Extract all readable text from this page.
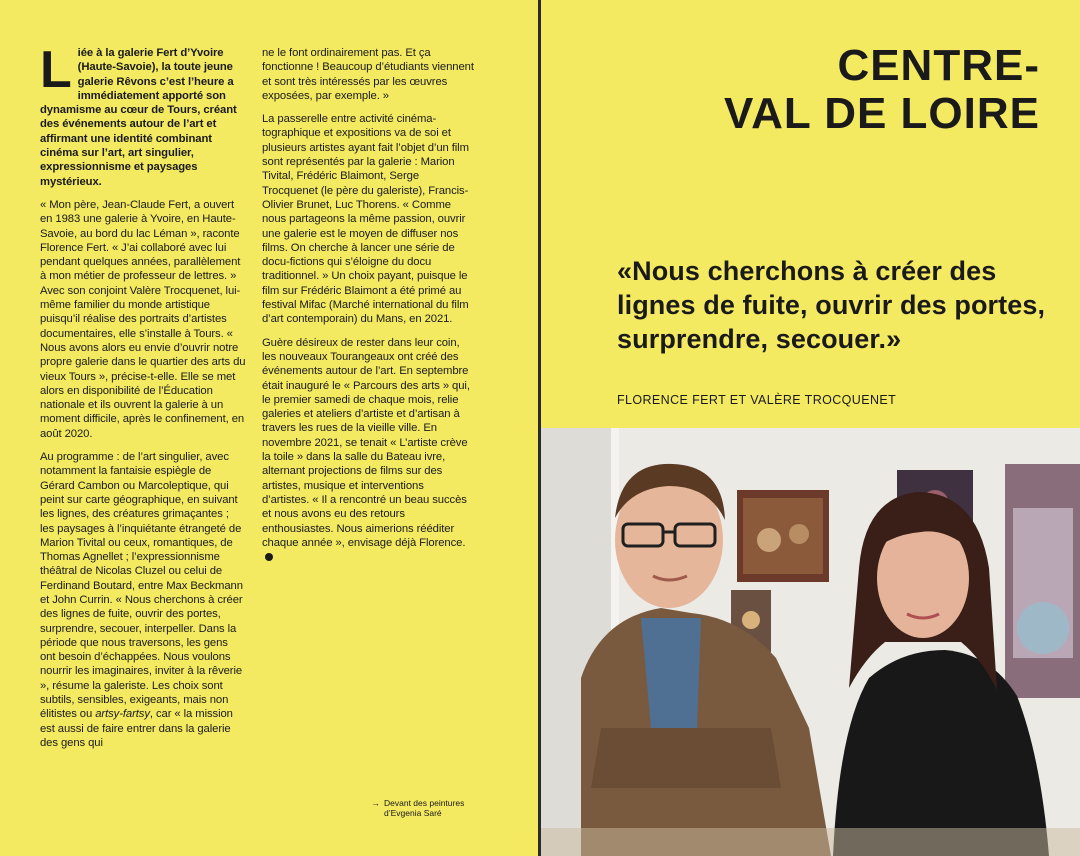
Liée à la galerie Fert d’Yvoire (Haute-Savoie), la toute jeune galerie Rêvons c’est l’heure a immédiatement apporté son dynamisme au cœur de Tours, créant des événements autour de l’art et affirmant une identité combinant cinéma sur l’art, art singulier, expressionnisme et paysages mystérieux.

« Mon père, Jean-Claude Fert, a ouvert en 1983 une galerie à Yvoire, en Haute-Savoie, au bord du lac Léman », raconte Florence Fert. « J’ai collaboré avec lui pendant quelques années, parallèlement à mon métier de professeur de lettres. » Avec son conjoint Valère Trocquenet, lui-même familier du monde artistique puisqu’il réalise des portraits d’artistes documentaires, elle s’installe à Tours. « Nous avons alors eu envie d’ouvrir notre propre galerie dans le quartier des arts du vieux Tours », précise-t-elle. Elle se met alors en disponibilité de l’Éducation nationale et ils ouvrent la galerie à un moment difficile, après le confinement, en août 2020.

Au programme : de l’art singulier, avec notamment la fantaisie espiègle de Gérard Cambon ou Marcoleptique, qui peint sur carte géographique, en suivant les lignes, des créatures grimaçantes ; les paysages à l’inquiétante étrangeté de Marion Tivital ou ceux, romantiques, de Thomas Agnellet ; l’expressionnisme théâtral de Nicolas Cluzel ou celui de Ferdinand Boutard, entre Max Beckmann et John Currin. « Nous cherchons à créer des lignes de fuite, ouvrir des portes, surprendre, secouer, interpeller. Dans la période que nous traversons, les gens ont besoin d’échappées. Nous voulons nourrir les imaginaires, inviter à la rêverie », résume la galeriste. Les choix sont subtils, sensibles, exigeants, mais non élitistes ou artsy-fartsy, car « la mission est aussi de faire entrer dans la galerie des gens qui

ne le font ordinairement pas. Et ça fonctionne ! Beaucoup d’étudiants viennent et sont très intéressés par les œuvres exposées, par exemple. »

La passerelle entre activité cinéma-tographique et expositions va de soi et plusieurs artistes ayant fait l’objet d’un film sont représentés par la galerie : Marion Tivital, Frédéric Blaimont, Serge Trocquenet (le père du galeriste), Francis-Olivier Brunet, Luc Thorens. « Comme nous partageons la même passion, ouvrir une galerie est le moyen de diffuser nos films. On cherche à lancer une série de docu-fictions qui s’éloigne du docu traditionnel. » Un choix payant, puisque le film sur Frédéric Blaimont a été primé au festival Mifac (Marché international du film d’art contemporain) du Mans, en 2021.

Guère désireux de rester dans leur coin, les nouveaux Tourangeaux ont créé des événements autour de l’art. En septembre était inauguré le « Parcours des arts » qui, le premier samedi de chaque mois, relie galeries et ateliers d’artiste et d’artisan à travers les rues de la vieille ville. En novembre 2021, se tenait « L’artiste crève la toile » dans la salle du Bateau ivre, alternant projections de films sur des artistes, musique et interventions d’artistes. « Il a rencontré un beau succès et nous avons eu des retours enthousiastes. Nous aimerions rééditer chaque année », envisage déjà Florence.

→ Devant des peintures d’Evgenia Saré
CENTRE-
VAL DE LOIRE
«Nous cherchons à créer des lignes de fuite, ouvrir des portes, surprendre, secouer.»
FLORENCE FERT ET VALÈRE TROCQUENET
